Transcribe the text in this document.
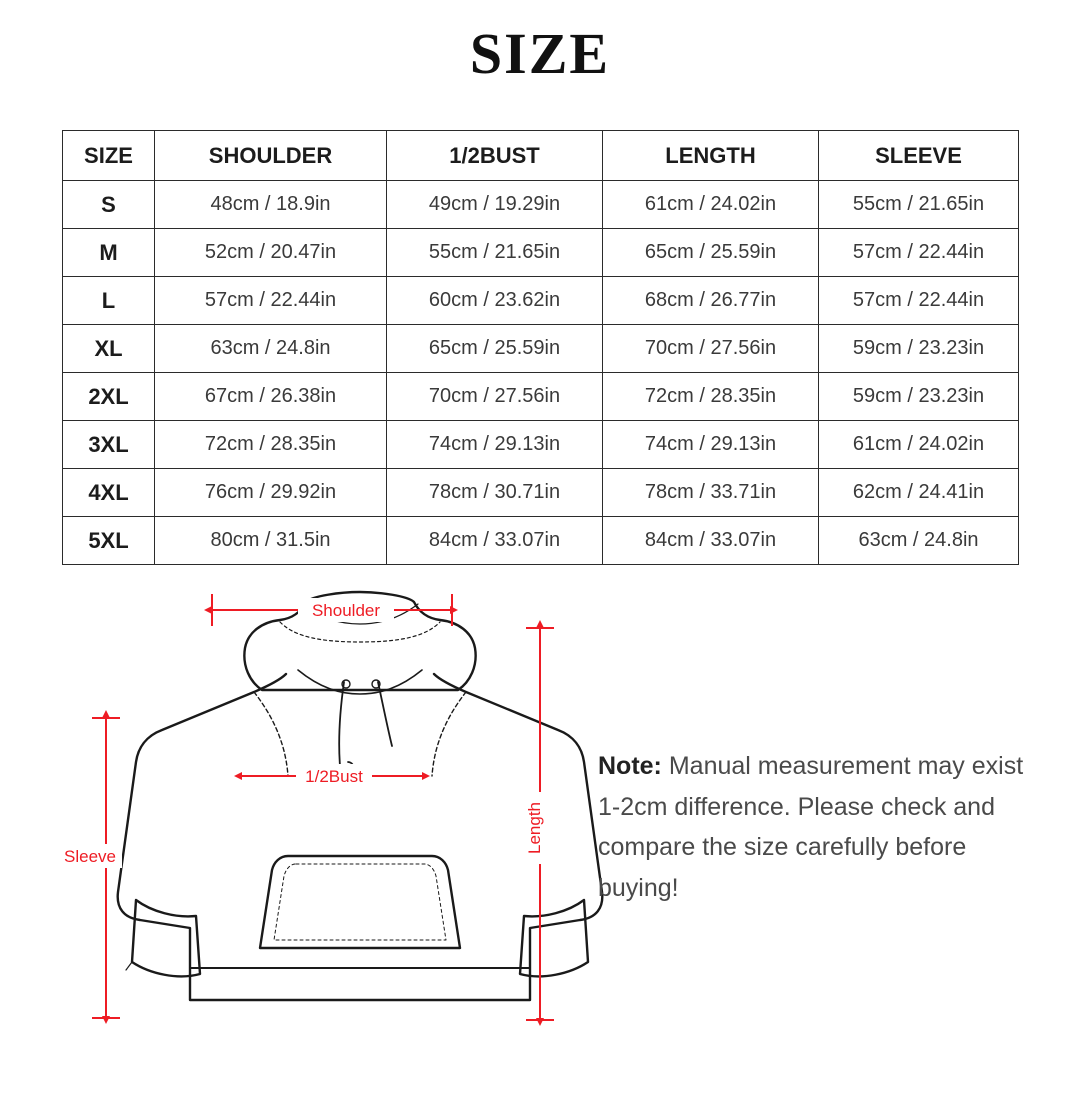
SIZE
SIZE	SHOULDER	1/2BUST	LENGTH	SLEEVE
S	48cm / 18.9in	49cm / 19.29in	61cm / 24.02in	55cm / 21.65in
M	52cm / 20.47in	55cm / 21.65in	65cm / 25.59in	57cm / 22.44in
L	57cm / 22.44in	60cm / 23.62in	68cm / 26.77in	57cm / 22.44in
XL	63cm / 24.8in	65cm / 25.59in	70cm / 27.56in	59cm / 23.23in
2XL	67cm / 26.38in	70cm / 27.56in	72cm / 28.35in	59cm / 23.23in
3XL	72cm / 28.35in	74cm / 29.13in	74cm / 29.13in	61cm / 24.02in
4XL	76cm / 29.92in	78cm / 30.71in	78cm / 33.71in	62cm / 24.41in
5XL	80cm / 31.5in	84cm / 33.07in	84cm / 33.07in	63cm / 24.8in
Shoulder
1/2Bust
Length
Sleeve
Note: Manual measurement may exist 1-2cm difference. Please check and compare the size carefully before buying!
